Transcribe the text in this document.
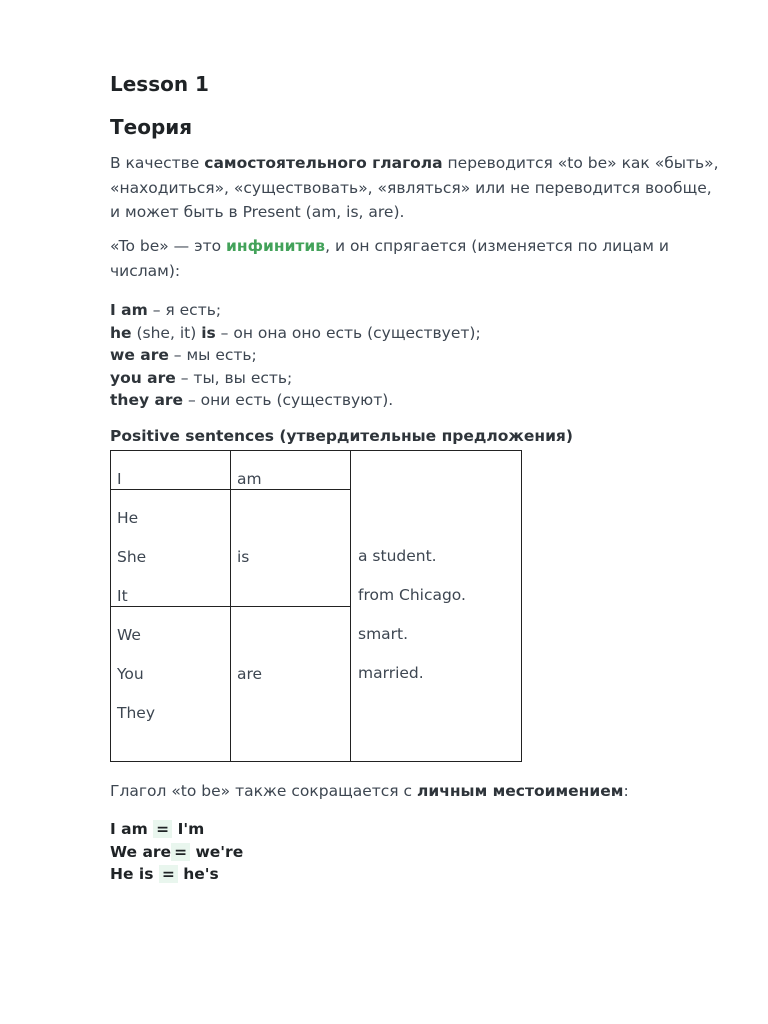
Lesson 1
Теория

В качестве самостоятельного глагола переводится «to be» как «быть», «находиться», «существовать», «являться» или не переводится вообще, и может быть в Present (am, is, are).

«To be» — это инфинитив, и он спрягается (изменяется по лицам и числам):

I am – я есть;
he (she, it) is – он она оно есть (существует);
we are – мы есть;
you are – ты, вы есть;
they are – они есть (существуют).

Positive sentences (утвердительные предложения)

I
He
She
It
We
You
They
am
is
are
a student.
from Chicago.
smart.
married.

Глагол «to be» также сокращается с личным местоимением:

I am = I'm
We are = we're
He is = he's
